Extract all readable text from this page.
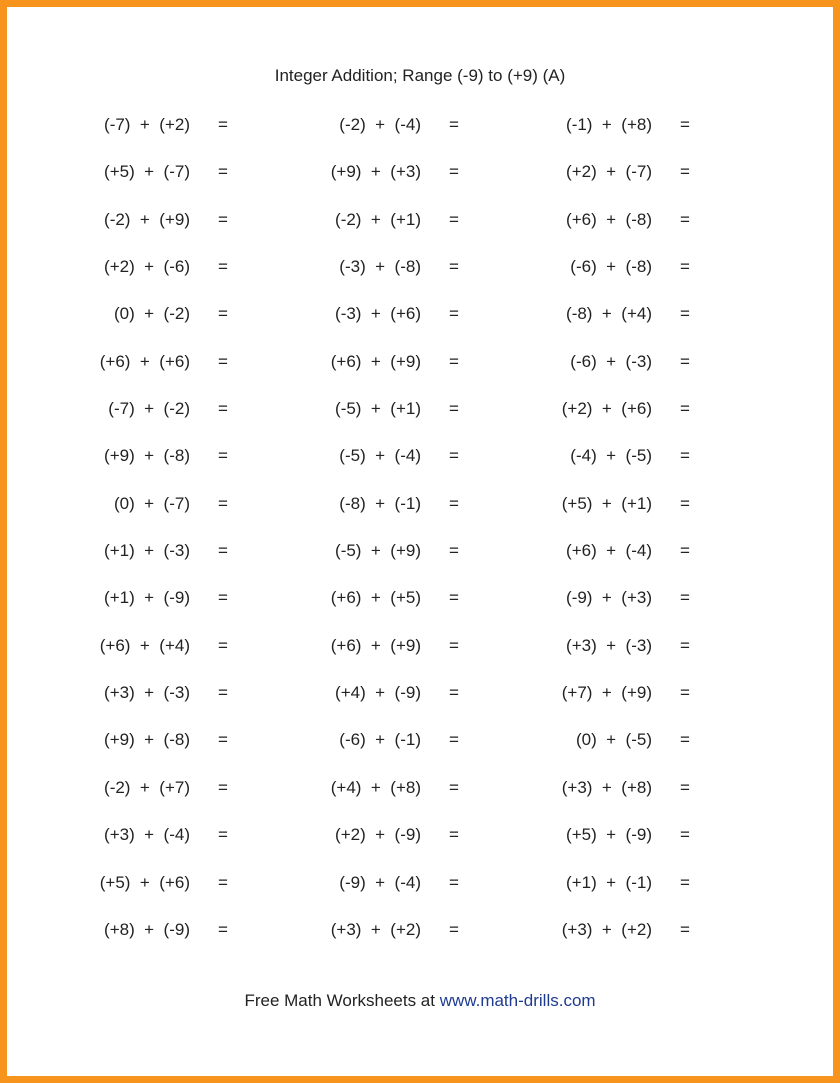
Integer Addition; Range (-9) to (+9) (A)
(-7)  +  (+2) =	(-2)  +  (-4) =	(-1)  +  (+8) =
(+5)  +  (-7) =	(+9)  +  (+3) =	(+2)  +  (-7) =
(-2)  +  (+9) =	(-2)  +  (+1) =	(+6)  +  (-8) =
(+2)  +  (-6) =	(-3)  +  (-8) =	(-6)  +  (-8) =
(0)  +  (-2) =	(-3)  +  (+6) =	(-8)  +  (+4) =
(+6)  +  (+6) =	(+6)  +  (+9) =	(-6)  +  (-3) =
(-7)  +  (-2) =	(-5)  +  (+1) =	(+2)  +  (+6) =
(+9)  +  (-8) =	(-5)  +  (-4) =	(-4)  +  (-5) =
(0)  +  (-7) =	(-8)  +  (-1) =	(+5)  +  (+1) =
(+1)  +  (-3) =	(-5)  +  (+9) =	(+6)  +  (-4) =
(+1)  +  (-9) =	(+6)  +  (+5) =	(-9)  +  (+3) =
(+6)  +  (+4) =	(+6)  +  (+9) =	(+3)  +  (-3) =
(+3)  +  (-3) =	(+4)  +  (-9) =	(+7)  +  (+9) =
(+9)  +  (-8) =	(-6)  +  (-1) =	(0)  +  (-5) =
(-2)  +  (+7) =	(+4)  +  (+8) =	(+3)  +  (+8) =
(+3)  +  (-4) =	(+2)  +  (-9) =	(+5)  +  (-9) =
(+5)  +  (+6) =	(-9)  +  (-4) =	(+1)  +  (-1) =
(+8)  +  (-9) =	(+3)  +  (+2) =	(+3)  +  (+2) =
Free Math Worksheets at www.math-drills.com
